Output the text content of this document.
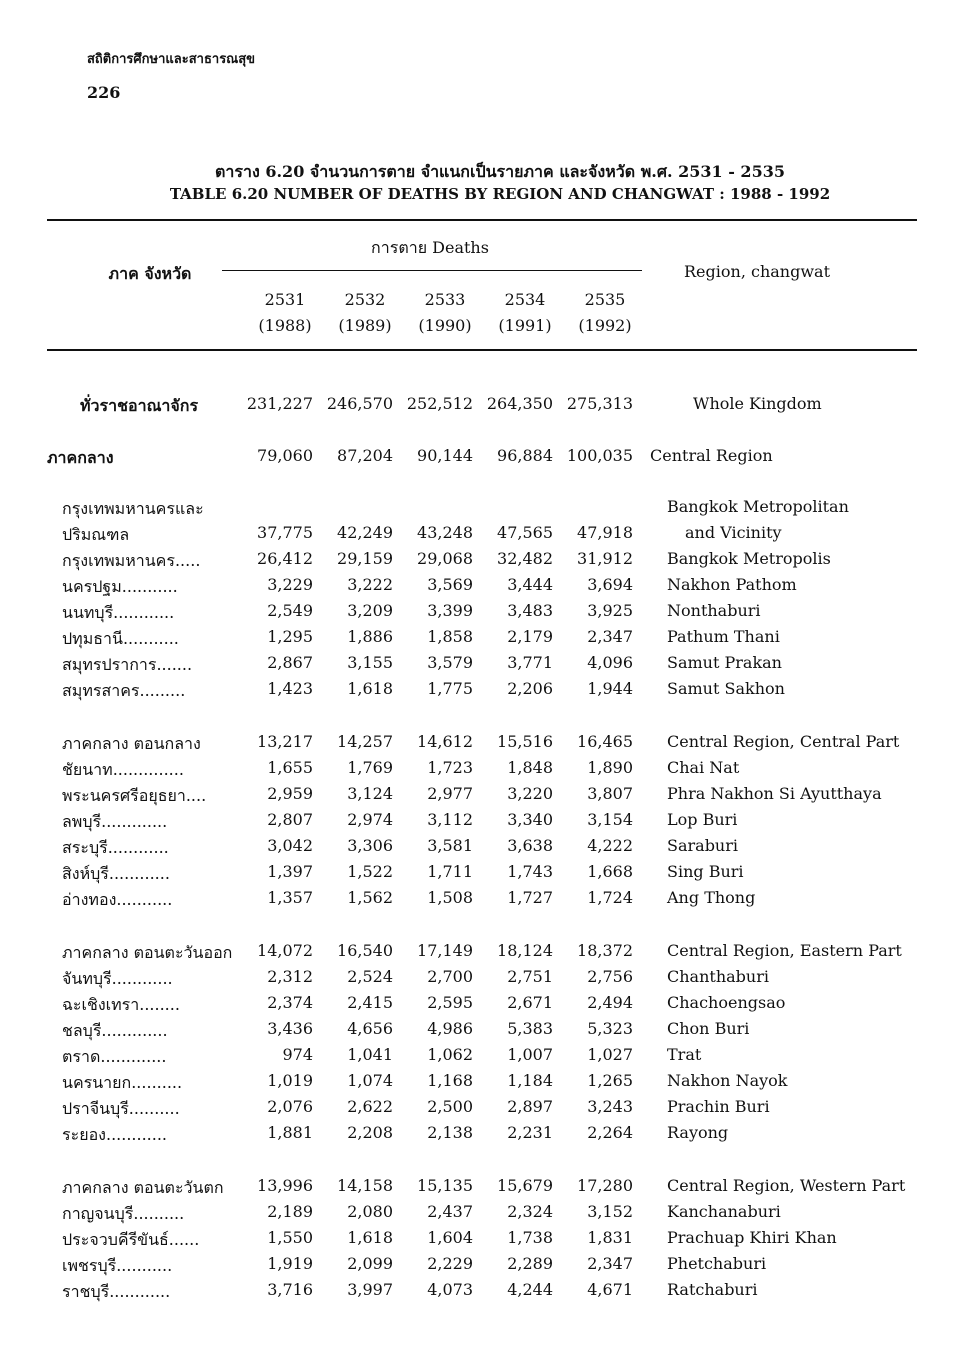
สถิติการศึกษาและสาธารณสุข
226
ตาราง 6.20 จำนวนการตาย จำแนกเป็นรายภาค และจังหวัด พ.ศ. 2531 - 2535
TABLE 6.20 NUMBER OF DEATHS BY REGION AND CHANGWAT : 1988 - 1992
ภาค จังหวัด
การตาย Deaths
Region, changwat
2531	2532	2533	2534	2535
(1988)	(1989)	(1990)	(1991)	(1992)
ทั่วราชอาณาจักร	231,227 246,570 252,512 264,350 275,313	Whole Kingdom
ภาคกลาง	79,060	87,204	90,144	96,884 100,035 Central Region
กรุงเทพมหานครและ	Bangkok Metropolitan
ปริมณฑล	37,775	42,249	43,248	47,565	47,918	and Vicinity
กรุงเทพมหานคร.....	26,412	29,159	29,068	32,482	31,912 Bangkok Metropolis
นครปฐม...........	3,229	3,222	3,569	3,444	3,694 Nakhon Pathom
นนทบุรี............	2,549	3,209	3,399	3,483	3,925 Nonthaburi
ปทุมธานี...........	1,295	1,886	1,858	2,179	2,347 Pathum Thani
สมุทรปราการ.......	2,867	3,155	3,579	3,771	4,096 Samut Prakan
สมุทรสาคร.........	1,423	1,618	1,775	2,206	1,944 Samut Sakhon
ภาคกลาง ตอนกลาง	13,217	14,257	14,612	15,516	16,465 Central Region, Central Part
ชัยนาท..............	1,655	1,769	1,723	1,848	1,890 Chai Nat
พระนครศรีอยุธยา....	2,959	3,124	2,977	3,220	3,807 Phra Nakhon Si Ayutthaya
ลพบุรี.............	2,807	2,974	3,112	3,340	3,154 Lop Buri
สระบุรี............	3,042	3,306	3,581	3,638	4,222 Saraburi
สิงห์บุรี............	1,397	1,522	1,711	1,743	1,668 Sing Buri
อ่างทอง...........	1,357	1,562	1,508	1,727	1,724 Ang Thong
ภาคกลาง ตอนตะวันออก	14,072	16,540	17,149	18,124	18,372 Central Region, Eastern Part
จันทบุรี............	2,312	2,524	2,700	2,751	2,756 Chanthaburi
ฉะเชิงเทรา........	2,374	2,415	2,595	2,671	2,494 Chachoengsao
ชลบุรี.............	3,436	4,656	4,986	5,383	5,323 Chon Buri
ตราด.............	974	1,041	1,062	1,007	1,027 Trat
นครนายก..........	1,019	1,074	1,168	1,184	1,265 Nakhon Nayok
ปราจีนบุรี..........	2,076	2,622	2,500	2,897	3,243 Prachin Buri
ระยอง............	1,881	2,208	2,138	2,231	2,264 Rayong
ภาคกลาง ตอนตะวันตก	13,996	14,158	15,135	15,679	17,280 Central Region, Western Part
กาญจนบุรี..........	2,189	2,080	2,437	2,324	3,152 Kanchanaburi
ประจวบคีรีขันธ์......	1,550	1,618	1,604	1,738	1,831 Prachuap Khiri Khan
เพชรบุรี...........	1,919	2,099	2,229	2,289	2,347 Phetchaburi
ราชบุรี............	3,716	3,997	4,073	4,244	4,671 Ratchaburi
